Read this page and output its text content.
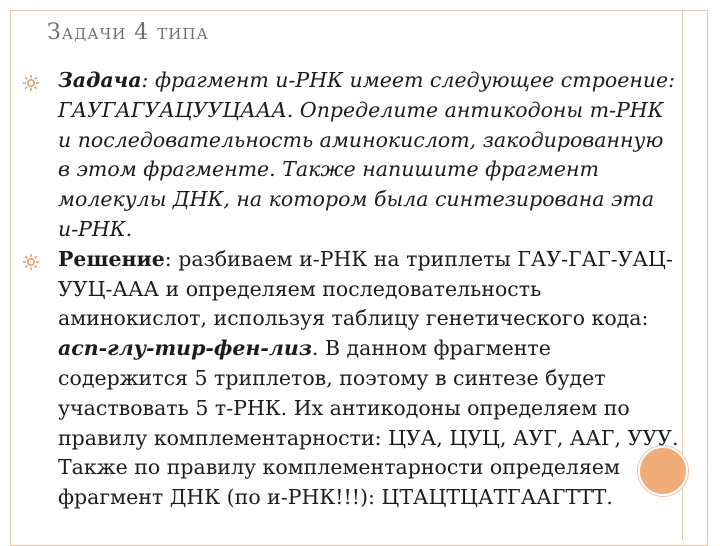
Задачи 4 типа
Задача: фрагмент и-РНК имеет следующее строение: ГАУГАГУАЦУУЦААА. Определите антикодоны т-РНК и последовательность аминокислот, закодированную в этом фрагменте. Также напишите фрагмент молекулы ДНК, на котором была синтезирована эта и-РНК.
Решение: разбиваем и-РНК на триплеты ГАУ-ГАГ-УАЦ-УУЦ-ААА и определяем последовательность аминокислот, используя таблицу генетического кода: асп-глу-тир-фен-лиз. В данном фрагменте содержится 5 триплетов, поэтому в синтезе будет участвовать 5 т-РНК. Их антикодоны определяем по правилу комплементарности: ЦУА, ЦУЦ, АУГ, ААГ, УУУ. Также по правилу комплементарности определяем фрагмент ДНК (по и-РНК!!!): ЦТАЦТЦАТГААГТТТ.
